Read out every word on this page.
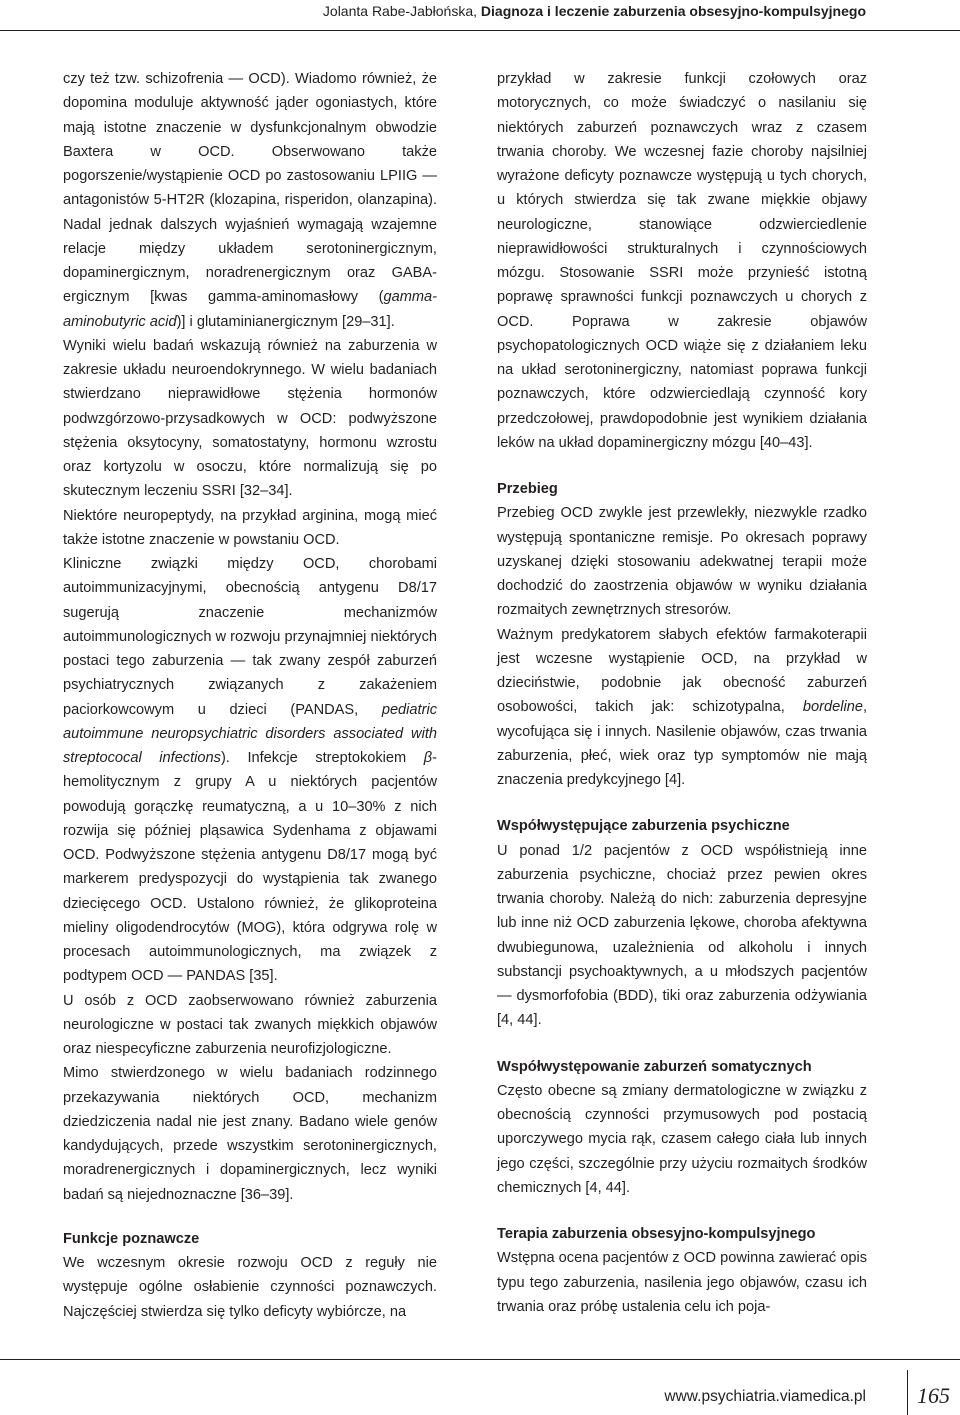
Jolanta Rabe-Jabłońska, Diagnoza i leczenie zaburzenia obsesyjno-kompulsyjnego

czy też tzw. schizofrenia — OCD). Wiadomo również, że dopomina moduluje aktywność jąder ogoniastych, które mają istotne znaczenie w dysfunkcjonalnym obwodzie Baxtera w OCD. Obserwowano także pogorszenie/wystąpienie OCD po zastosowaniu LPIIG — antagonistów 5-HT2R (klozapina, risperidon, olanzapina). Nadal jednak dalszych wyjaśnień wymagają wzajemne relacje między układem serotoninergicznym, dopaminergicznym, noradrenergicznym oraz GABA-ergicznym [kwas gamma-aminomasłowy (gamma-aminobutyric acid)] i glutaminianergicznym [29–31].

Wyniki wielu badań wskazują również na zaburzenia w zakresie układu neuroendokrynnego. W wielu badaniach stwierdzano nieprawidłowe stężenia hormonów podwzgórzowo-przysadkowych w OCD: podwyższone stężenia oksytocyny, somatostatyny, hormonu wzrostu oraz kortyzolu w osoczu, które normalizują się po skutecznym leczeniu SSRI [32–34].

Niektóre neuropeptydy, na przykład arginina, mogą mieć także istotne znaczenie w powstaniu OCD.

Kliniczne związki między OCD, chorobami autoimmunizacyjnymi, obecnością antygenu D8/17 sugerują znaczenie mechanizmów autoimmunologicznych w rozwoju przynajmniej niektórych postaci tego zaburzenia — tak zwany zespół zaburzeń psychiatrycznych związanych z zakażeniem paciorkowcowym u dzieci (PANDAS, pediatric autoimmune neuropsychiatric disorders associated with streptococal infections). Infekcje streptokokiem β-hemolitycznym z grupy A u niektórych pacjentów powodują gorączkę reumatyczną, a u 10–30% z nich rozwija się później pląsawica Sydenhama z objawami OCD. Podwyższone stężenia antygenu D8/17 mogą być markerem predyspozycji do wystąpienia tak zwanego dziecięcego OCD. Ustalono również, że glikoproteina mieliny oligodendrocytów (MOG), która odgrywa rolę w procesach autoimmunologicznych, ma związek z podtypem OCD — PANDAS [35].

U osób z OCD zaobserwowano również zaburzenia neurologiczne w postaci tak zwanych miękkich objawów oraz niespecyficzne zaburzenia neurofizjologiczne.

Mimo stwierdzonego w wielu badaniach rodzinnego przekazywania niektórych OCD, mechanizm dziedziczenia nadal nie jest znany. Badano wiele genów kandydujących, przede wszystkim serotoninergicznych, moradrenergicznych i dopaminergicznych, lecz wyniki badań są niejednoznaczne [36–39].

Funkcje poznawcze

We wczesnym okresie rozwoju OCD z reguły nie występuje ogólne osłabienie czynności poznawczych. Najczęściej stwierdza się tylko deficyty wybiórcze, na

przykład w zakresie funkcji czołowych oraz motorycznych, co może świadczyć o nasilaniu się niektórych zaburzeń poznawczych wraz z czasem trwania choroby. We wczesnej fazie choroby najsilniej wyrażone deficyty poznawcze występują u tych chorych, u których stwierdza się tak zwane miękkie objawy neurologiczne, stanowiące odzwierciedlenie nieprawidłowości strukturalnych i czynnościowych mózgu. Stosowanie SSRI może przynieść istotną poprawę sprawności funkcji poznawczych u chorych z OCD. Poprawa w zakresie objawów psychopatologicznych OCD wiąże się z działaniem leku na układ serotoninergiczny, natomiast poprawa funkcji poznawczych, które odzwierciedlają czynność kory przedczołowej, prawdopodobnie jest wynikiem działania leków na układ dopaminergiczny mózgu [40–43].

Przebieg

Przebieg OCD zwykle jest przewlekły, niezwykle rzadko występują spontaniczne remisje. Po okresach poprawy uzyskanej dzięki stosowaniu adekwatnej terapii może dochodzić do zaostrzenia objawów w wyniku działania rozmaitych zewnętrznych stresorów.

Ważnym predykatorem słabych efektów farmakoterapii jest wczesne wystąpienie OCD, na przykład w dzieciństwie, podobnie jak obecność zaburzeń osobowości, takich jak: schizotypalna, bordeline, wycofująca się i innych. Nasilenie objawów, czas trwania zaburzenia, płeć, wiek oraz typ symptomów nie mają znaczenia predykcyjnego [4].

Współwystępujące zaburzenia psychiczne

U ponad 1/2 pacjentów z OCD współistnieją inne zaburzenia psychiczne, chociaż przez pewien okres trwania choroby. Należą do nich: zaburzenia depresyjne lub inne niż OCD zaburzenia lękowe, choroba afektywna dwubiegunowa, uzależnienia od alkoholu i innych substancji psychoaktywnych, a u młodszych pacjentów — dysmorfofobia (BDD), tiki oraz zaburzenia odżywiania [4, 44].

Współwystępowanie zaburzeń somatycznych

Często obecne są zmiany dermatologiczne w związku z obecnością czynności przymusowych pod postacią uporczywego mycia rąk, czasem całego ciała lub innych jego części, szczególnie przy użyciu rozmaitych środków chemicznych [4, 44].

Terapia zaburzenia obsesyjno-kompulsyjnego

Wstępna ocena pacjentów z OCD powinna zawierać opis typu tego zaburzenia, nasilenia jego objawów, czasu ich trwania oraz próbę ustalenia celu ich poja-

www.psychiatria.viamedica.pl 165
